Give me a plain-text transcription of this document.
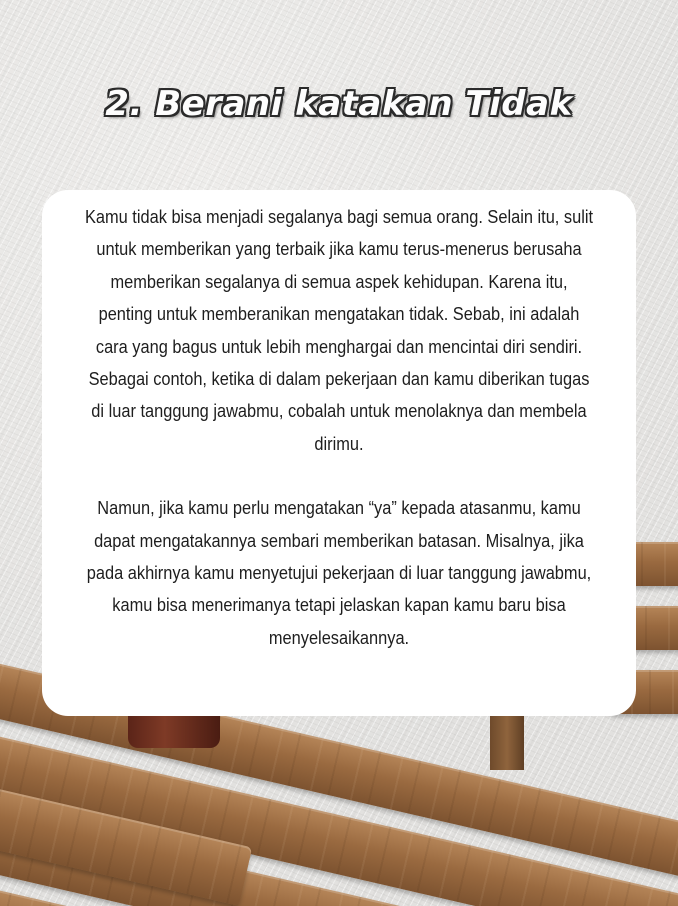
2. Berani katakan Tidak

Kamu tidak bisa menjadi segalanya bagi semua orang. Selain itu, sulit untuk memberikan yang terbaik jika kamu terus-menerus berusaha memberikan segalanya di semua aspek kehidupan. Karena itu, penting untuk memberanikan mengatakan tidak. Sebab, ini adalah cara yang bagus untuk lebih menghargai dan mencintai diri sendiri. Sebagai contoh, ketika di dalam pekerjaan dan kamu diberikan tugas di luar tanggung jawabmu, cobalah untuk menolaknya dan membela dirimu.

Namun, jika kamu perlu mengatakan “ya” kepada atasanmu, kamu dapat mengatakannya sembari memberikan batasan. Misalnya, jika pada akhirnya kamu menyetujui pekerjaan di luar tanggung jawabmu, kamu bisa menerimanya tetapi jelaskan kapan kamu baru bisa menyelesaikannya.
